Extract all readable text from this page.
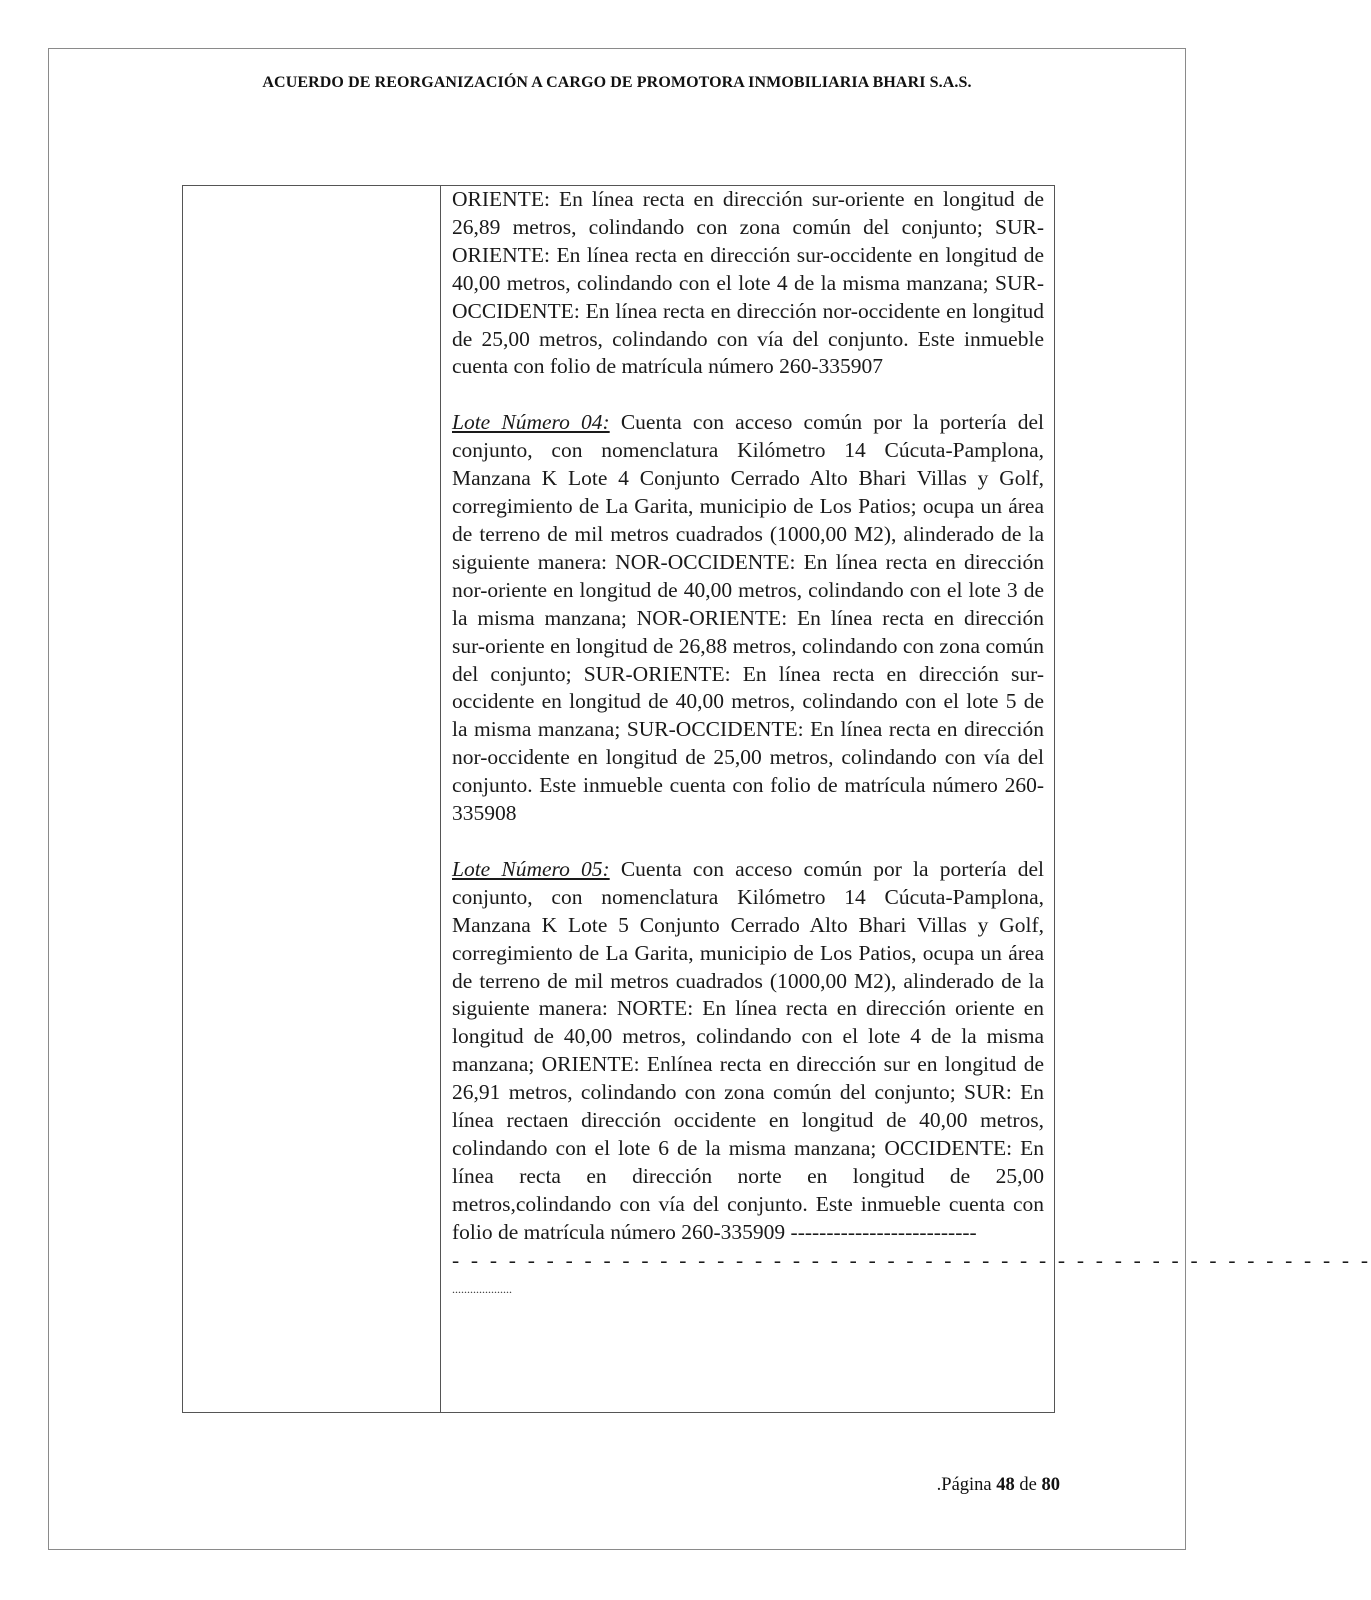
ACUERDO DE REORGANIZACIÓN A CARGO DE PROMOTORA INMOBILIARIA BHARI S.A.S.

ORIENTE: En línea recta en dirección sur-oriente en longitud de 26,89 metros, colindando con zona común del conjunto; SUR-ORIENTE: En línea recta en dirección sur-occidente en longitud de 40,00 metros, colindando con el lote 4 de la misma manzana; SUR-OCCIDENTE: En línea recta en dirección nor-occidente en longitud de 25,00 metros, colindando con vía del conjunto. Este inmueble cuenta con folio de matrícula número 260-335907

Lote Número 04: Cuenta con acceso común por la portería del conjunto, con nomenclatura Kilómetro 14 Cúcuta-Pamplona, Manzana K Lote 4 Conjunto Cerrado Alto Bhari Villas y Golf, corregimiento de La Garita, municipio de Los Patios; ocupa un área de terreno de mil metros cuadrados (1000,00 M2), alinderado de la siguiente manera: NOR-OCCIDENTE: En línea recta en dirección nor-oriente en longitud de 40,00 metros, colindando con el lote 3 de la misma manzana; NOR-ORIENTE: En línea recta en dirección sur-oriente en longitud de 26,88 metros, colindando con zona común del conjunto; SUR-ORIENTE: En línea recta en dirección sur-occidente en longitud de 40,00 metros, colindando con el lote 5 de la misma manzana; SUR-OCCIDENTE: En línea recta en dirección nor-occidente en longitud de 25,00 metros, colindando con vía del conjunto. Este inmueble cuenta con folio de matrícula número 260-335908

Lote Número 05: Cuenta con acceso común por la portería del conjunto, con nomenclatura Kilómetro 14 Cúcuta-Pamplona, Manzana K Lote 5 Conjunto Cerrado Alto Bhari Villas y Golf, corregimiento de La Garita, municipio de Los Patios, ocupa un área de terreno de mil metros cuadrados (1000,00 M2), alinderado de la siguiente manera: NORTE: En línea recta en dirección oriente en longitud de 40,00 metros, colindando con el lote 4 de la misma manzana; ORIENTE: Enlínea recta en dirección sur en longitud de 26,91 metros, colindando con zona común del conjunto; SUR: En línea rectaen dirección occidente en longitud de 40,00 metros, colindando con el lote 6 de la misma manzana; OCCIDENTE: En línea recta en dirección norte en longitud de 25,00 metros,colindando con vía del conjunto. Este inmueble cuenta con folio de matrícula número 260-335909 --------------------------

- - - - - - - - - - - - - - - - - - - - - - - - - - - - - - - - - - - - - - - - - - - - - - - - -

....................

.Página 48 de 80
